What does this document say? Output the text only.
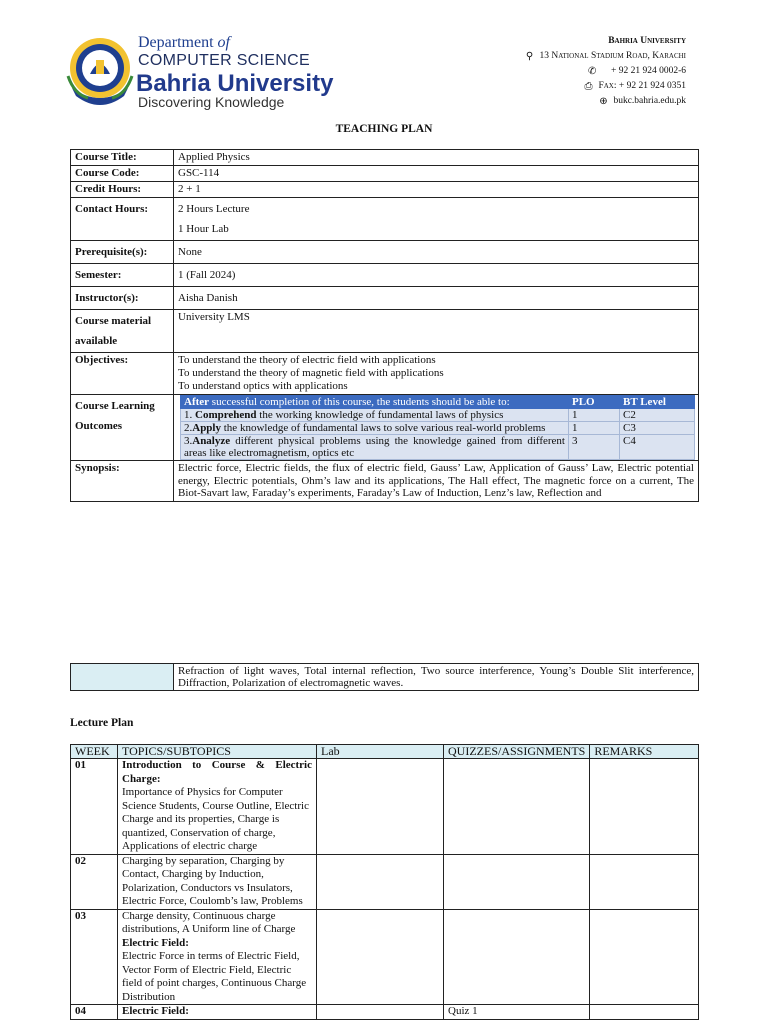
Department of
COMPUTER SCIENCE
Bahria University
Discovering Knowledge
Bahria University
⚲ 13 National Stadium Road, Karachi
✆
+ 92 21 924 0002-6
⎙ Fax: + 92 21 924 0351
⊕ bukc.bahria.edu.pk
TEACHING PLAN
Course Title:	Applied Physics
Course Code:	GSC-114
Credit Hours:	2 + 1
Contact Hours:	2 Hours Lecture
1 Hour Lab

Prerequisite(s):	None
Semester:	1 (Fall 2024)
Instructor(s):	Aisha Danish

Course material
available
	University LMS
Objectives:	To understand the theory of electric field with applications
To understand the theory of magnetic field with applications
To understand optics with applications

Course Learning
Outcomes

After successful completion of this course, the students should be able to:	PLO	BT Level
1. Comprehend the working knowledge of fundamental laws of physics	1	C2
2.Apply the knowledge of fundamental laws to solve various real-world problems	1	C3
3.Analyze different physical problems using the knowledge gained from different areas like electromagnetism, optics etc	3	C4

Synopsis:	Electric force, Electric fields, the flux of electric field, Gauss’ Law, Application of Gauss’ Law, Electric potential energy, Electric potentials, Ohm’s law and its applications, The Hall effect, The magnetic force on a current, The Biot-Savart law, Faraday’s experiments, Faraday’s Law of Induction, Lenz’s law, Reflection and
	Refraction of light waves, Total internal reflection, Two source interference, Young’s Double Slit interference, Diffraction, Polarization of electromagnetic waves.
Lecture Plan
WEEK	TOPICS/SUBTOPICS	Lab	QUIZZES/ASSIGNMENTS	REMARKS
01	Introduction to Course & Electric Charge:
Importance of Physics for Computer Science Students, Course Outline, Electric Charge and its properties, Charge is quantized, Conservation of charge, Applications of electric charge			

02	Charging by separation, Charging by Contact, Charging by Induction, Polarization, Conductors vs Insulators, Electric Force, Coulomb’s law, Problems			

03	Charge density, Continuous charge distributions, A Uniform line of Charge
Electric Field:
Electric Force in terms of Electric Field, Vector Form of Electric Field, Electric field of point charges, Continuous Charge Distribution			

04	Electric Field:		Quiz 1	
